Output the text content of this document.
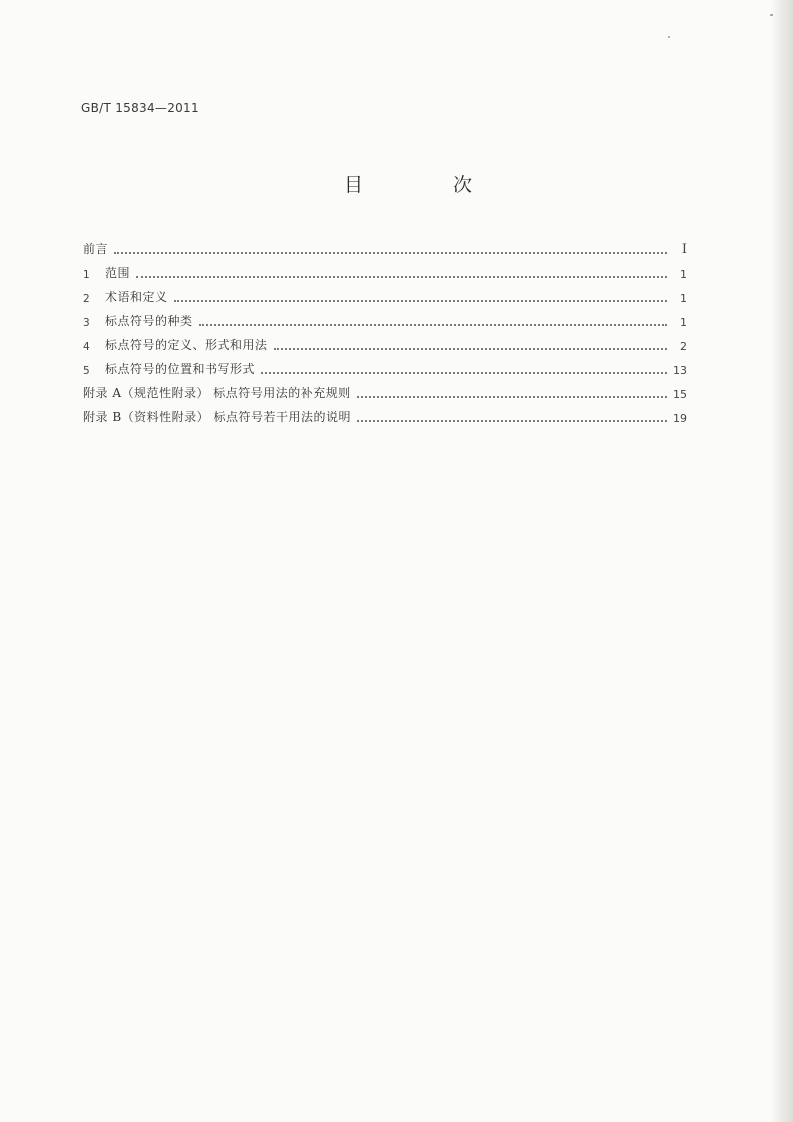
GB/T 15834—2011
目 次
前言	Ⅰ
1	范围	1
2	术语和定义	1
3	标点符号的种类	1
4	标点符号的定义、形式和用法	2
5	标点符号的位置和书写形式	13
附录 A（规范性附录） 标点符号用法的补充规则	15
附录 B（资料性附录） 标点符号若干用法的说明	19
